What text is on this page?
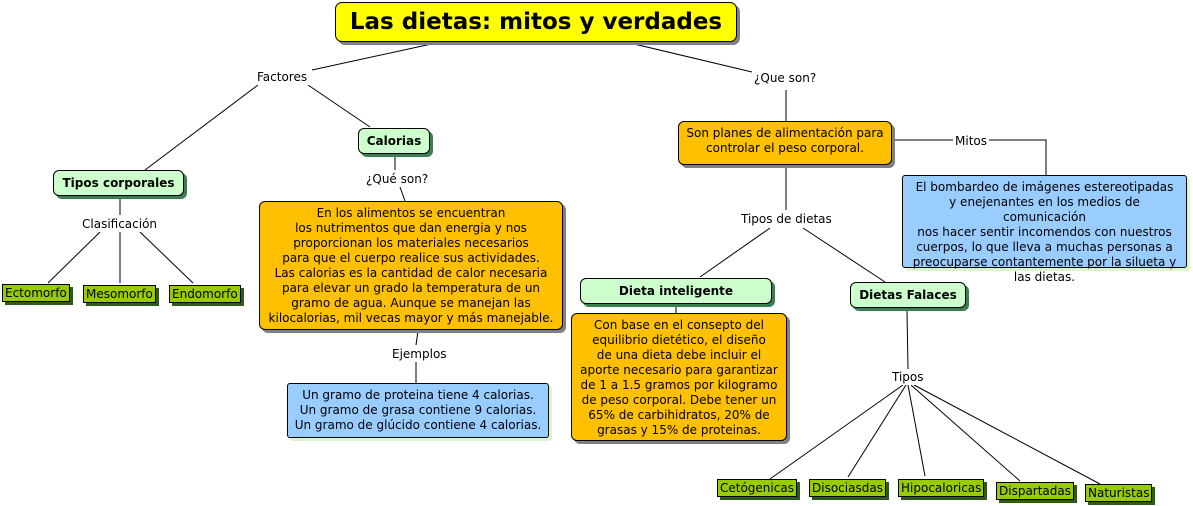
Las dietas: mitos y verdades
Factores	¿Que son?
Clasificación
¿Qué son?
Ejemplos
Mitos
Tipos de dietas
Tipos
Tipos corporales
Calorias
Dieta inteligente	Dietas Falaces
En los alimentos se encuentran
los nutrimentos que dan energia y nos
proporcionan los materiales necesarios
para que el cuerpo realice sus actividades.
Las calorias es la cantidad de calor necesaria
para elevar un grado la temperatura de un
gramo de agua. Aunque se manejan las
kilocalorias, mil vecas mayor y más manejable.
Un gramo de proteina tiene 4 calorias.
Un gramo de grasa contiene 9 calorias.
Un gramo de glúcido contiene 4 calorias.
Son planes de alimentación para
controlar el peso corporal.
El bombardeo de imágenes estereotipadas
y enejenantes en los medios de comunicación
nos hacer sentir incomendos con nuestros
cuerpos, lo que lleva a muchas personas a
preocuparse contantemente por la silueta y
las dietas.
Con base en el consepto del
equilibrio dietético, el diseño
de una dieta debe incluir el
aporte necesario para garantizar
de 1 a 1.5 gramos por kilogramo
de peso corporal. Debe tener un
65% de carbihidratos, 20% de
grasas y 15% de proteinas.
Ectomorfo Mesomorfo Endomorfo
Cetógenicas Disociasdas Hipocaloricas Dispartadas Naturistas
